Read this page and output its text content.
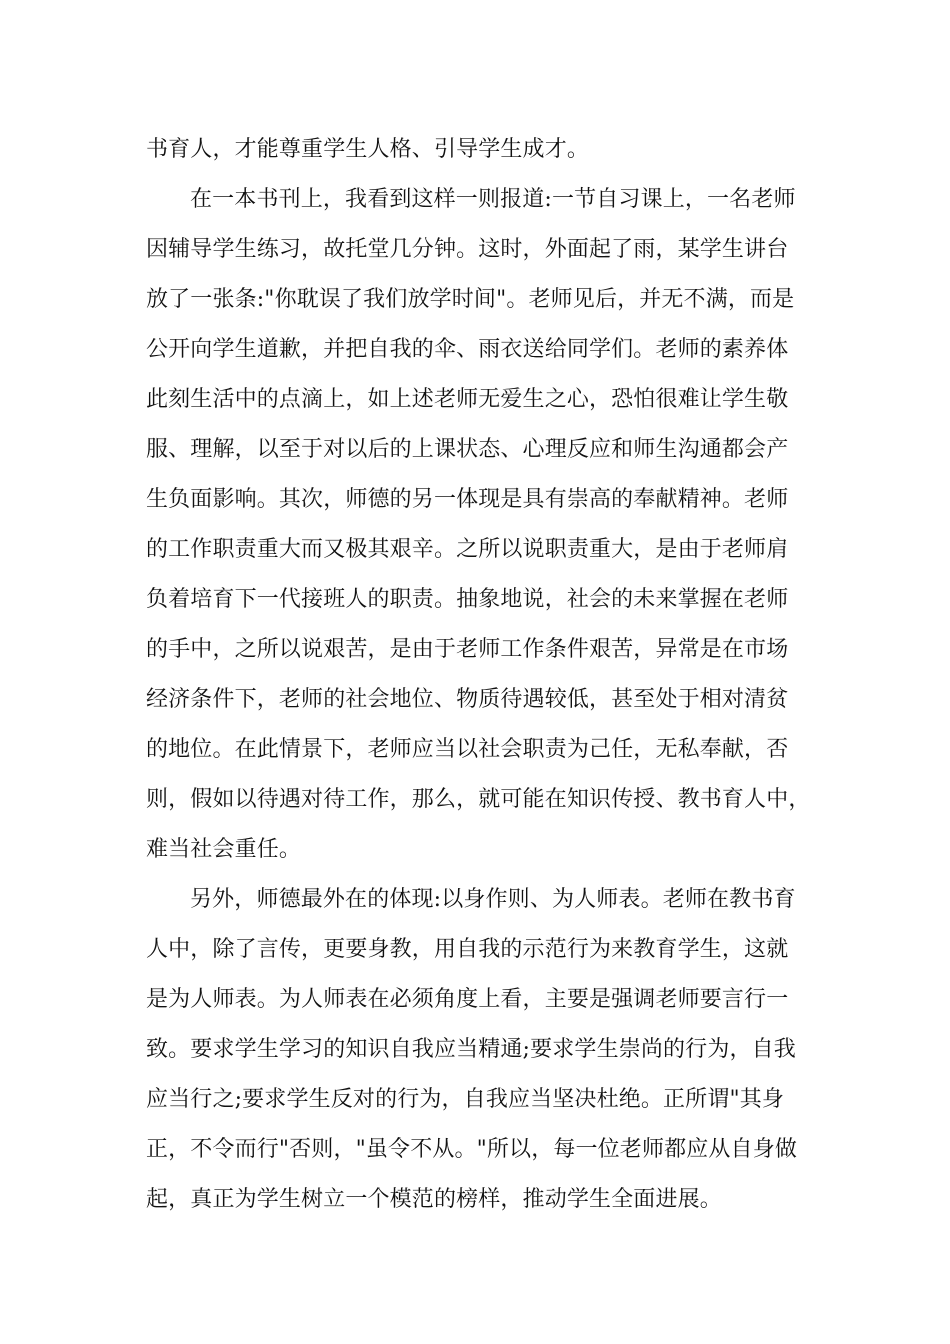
书育人，才能尊重学生人格、引导学生成才。
在一本书刊上，我看到这样一则报道:一节自习课上，一名老师
因辅导学生练习，故托堂几分钟。这时，外面起了雨，某学生讲台
放了一张条:"你耽误了我们放学时间"。老师见后，并无不满，而是
公开向学生道歉，并把自我的伞、雨衣送给同学们。老师的素养体
此刻生活中的点滴上，如上述老师无爱生之心，恐怕很难让学生敬
服、理解，以至于对以后的上课状态、心理反应和师生沟通都会产
生负面影响。其次，师德的另一体现是具有崇高的奉献精神。老师
的工作职责重大而又极其艰辛。之所以说职责重大，是由于老师肩
负着培育下一代接班人的职责。抽象地说，社会的未来掌握在老师
的手中，之所以说艰苦，是由于老师工作条件艰苦，异常是在市场
经济条件下，老师的社会地位、物质待遇较低，甚至处于相对清贫
的地位。在此情景下，老师应当以社会职责为己任，无私奉献，否
则，假如以待遇对待工作，那么，就可能在知识传授、教书育人中，
难当社会重任。
另外，师德最外在的体现:以身作则、为人师表。老师在教书育
人中，除了言传，更要身教，用自我的示范行为来教育学生，这就
是为人师表。为人师表在必须角度上看，主要是强调老师要言行一
致。要求学生学习的知识自我应当精通;要求学生崇尚的行为，自我
应当行之;要求学生反对的行为，自我应当坚决杜绝。正所谓"其身
正，不令而行"否则，"虽令不从。"所以，每一位老师都应从自身做
起，真正为学生树立一个模范的榜样，推动学生全面进展。
